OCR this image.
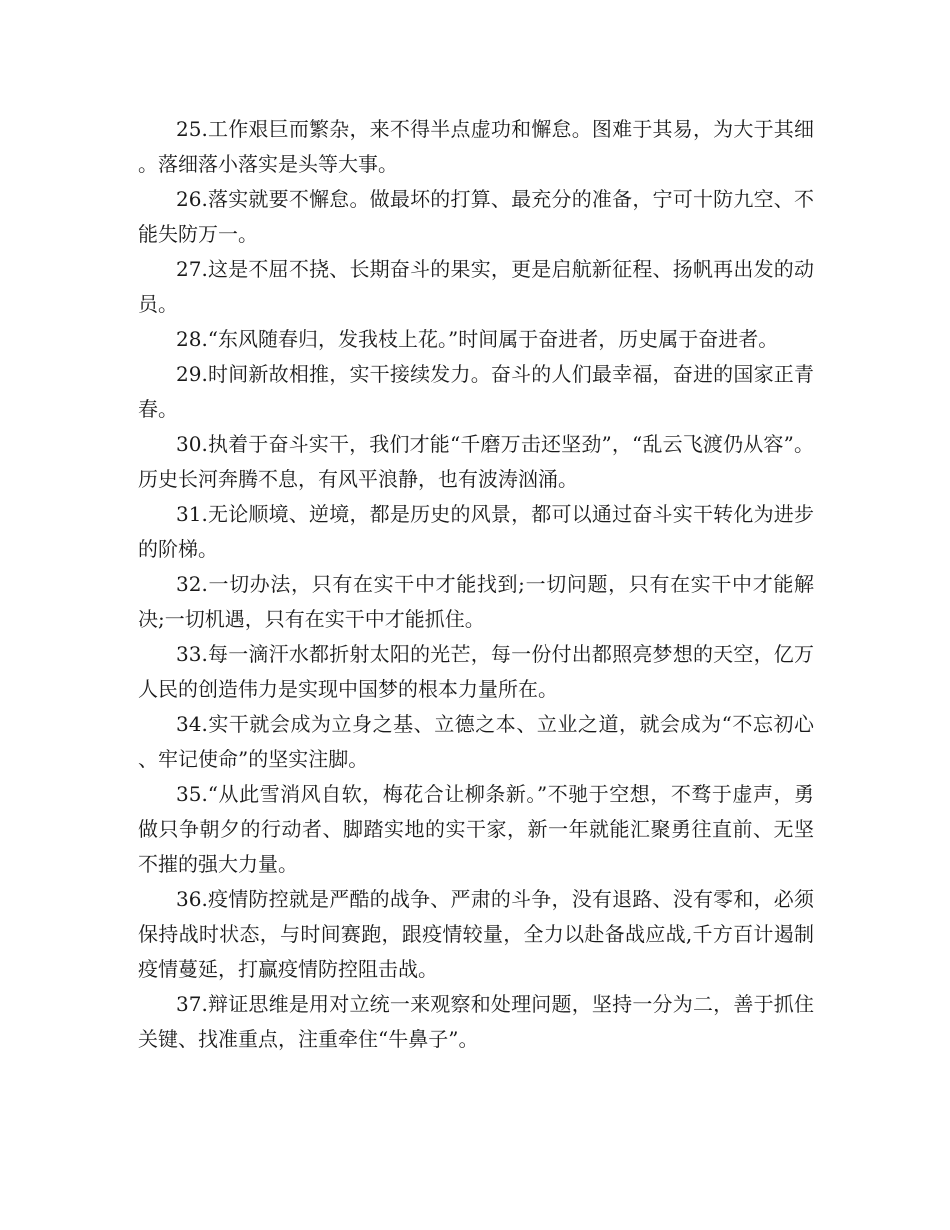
25.工作艰巨而繁杂，来不得半点虚功和懈怠。图难于其易，为大于其细。落细落小落实是头等大事。

26.落实就要不懈怠。做最坏的打算、最充分的准备，宁可十防九空、不能失防万一。

27.这是不屈不挠、长期奋斗的果实，更是启航新征程、扬帆再出发的动员。

28.“东风随春归，发我枝上花。”时间属于奋进者，历史属于奋进者。

29.时间新故相推，实干接续发力。奋斗的人们最幸福，奋进的国家正青春。

30.执着于奋斗实干，我们才能“千磨万击还坚劲”，“乱云飞渡仍从容”。历史长河奔腾不息，有风平浪静，也有波涛汹涌。

31.无论顺境、逆境，都是历史的风景，都可以通过奋斗实干转化为进步的阶梯。

32.一切办法，只有在实干中才能找到;一切问题，只有在实干中才能解决;一切机遇，只有在实干中才能抓住。

33.每一滴汗水都折射太阳的光芒，每一份付出都照亮梦想的天空，亿万人民的创造伟力是实现中国梦的根本力量所在。

34.实干就会成为立身之基、立德之本、立业之道，就会成为“不忘初心、牢记使命”的坚实注脚。

35.“从此雪消风自软，梅花合让柳条新。”不驰于空想，不骛于虚声，勇做只争朝夕的行动者、脚踏实地的实干家，新一年就能汇聚勇往直前、无坚不摧的强大力量。

36.疫情防控就是严酷的战争、严肃的斗争，没有退路、没有零和，必须保持战时状态，与时间赛跑，跟疫情较量，全力以赴备战应战,千方百计遏制疫情蔓延，打赢疫情防控阻击战。

37.辩证思维是用对立统一来观察和处理问题，坚持一分为二，善于抓住关键、找准重点，注重牵住“牛鼻子”。
